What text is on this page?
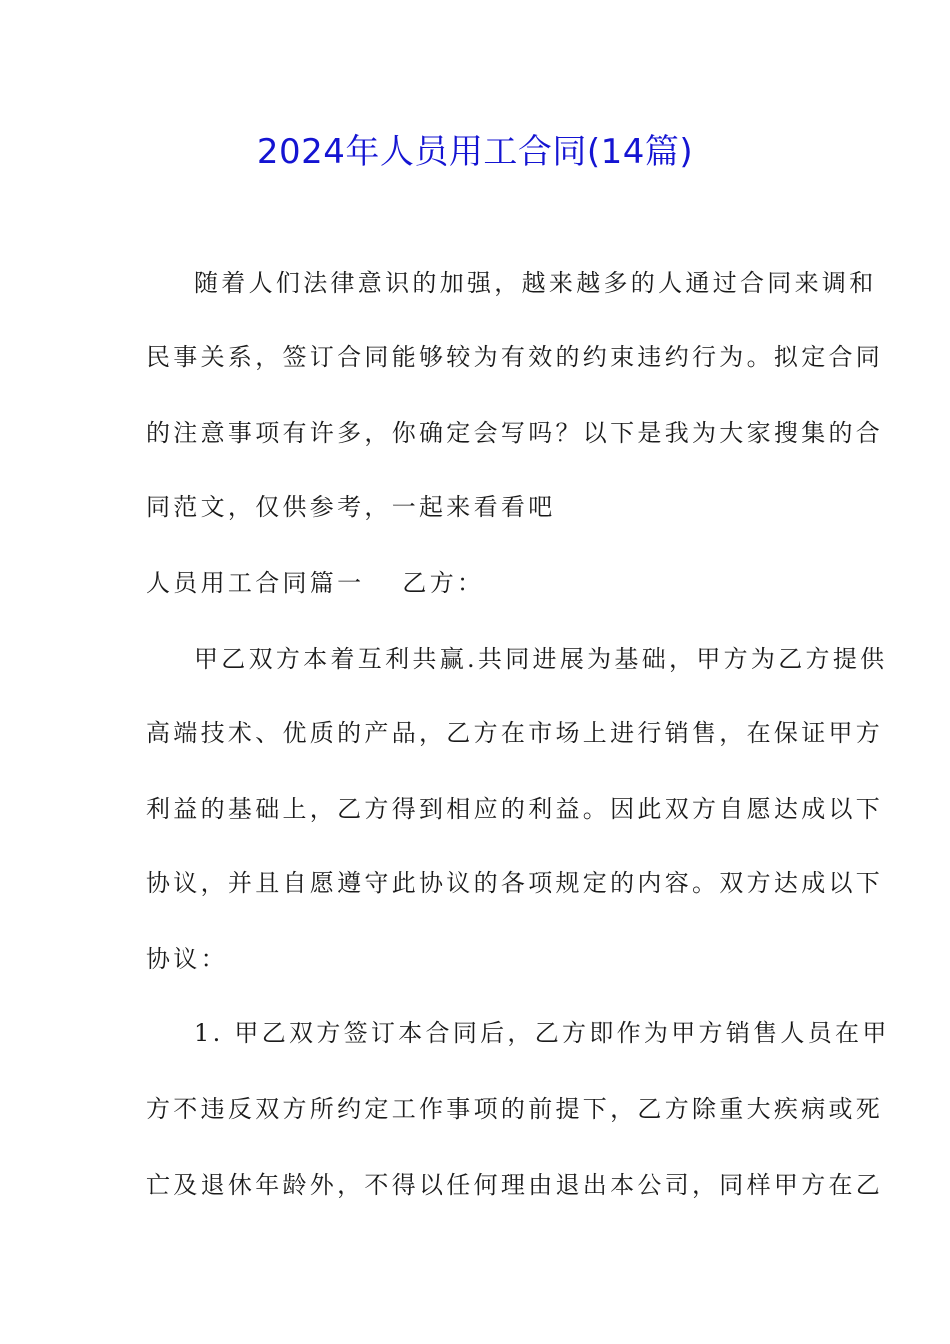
2024年人员用工合同(14篇)
随着人们法律意识的加强，越来越多的人通过合同来调和
民事关系，签订合同能够较为有效的约束违约行为。拟定合同
的注意事项有许多，你确定会写吗？以下是我为大家搜集的合
同范文，仅供参考，一起来看看吧
人员用工合同篇一 乙方：
甲乙双方本着互利共赢.共同进展为基础，甲方为乙方提供
高端技术、优质的产品，乙方在市场上进行销售，在保证甲方
利益的基础上，乙方得到相应的利益。因此双方自愿达成以下
协议，并且自愿遵守此协议的各项规定的内容。双方达成以下
协议：
1. 甲乙双方签订本合同后，乙方即作为甲方销售人员在甲
方不违反双方所约定工作事项的前提下，乙方除重大疾病或死
亡及退休年龄外，不得以任何理由退出本公司，同样甲方在乙
